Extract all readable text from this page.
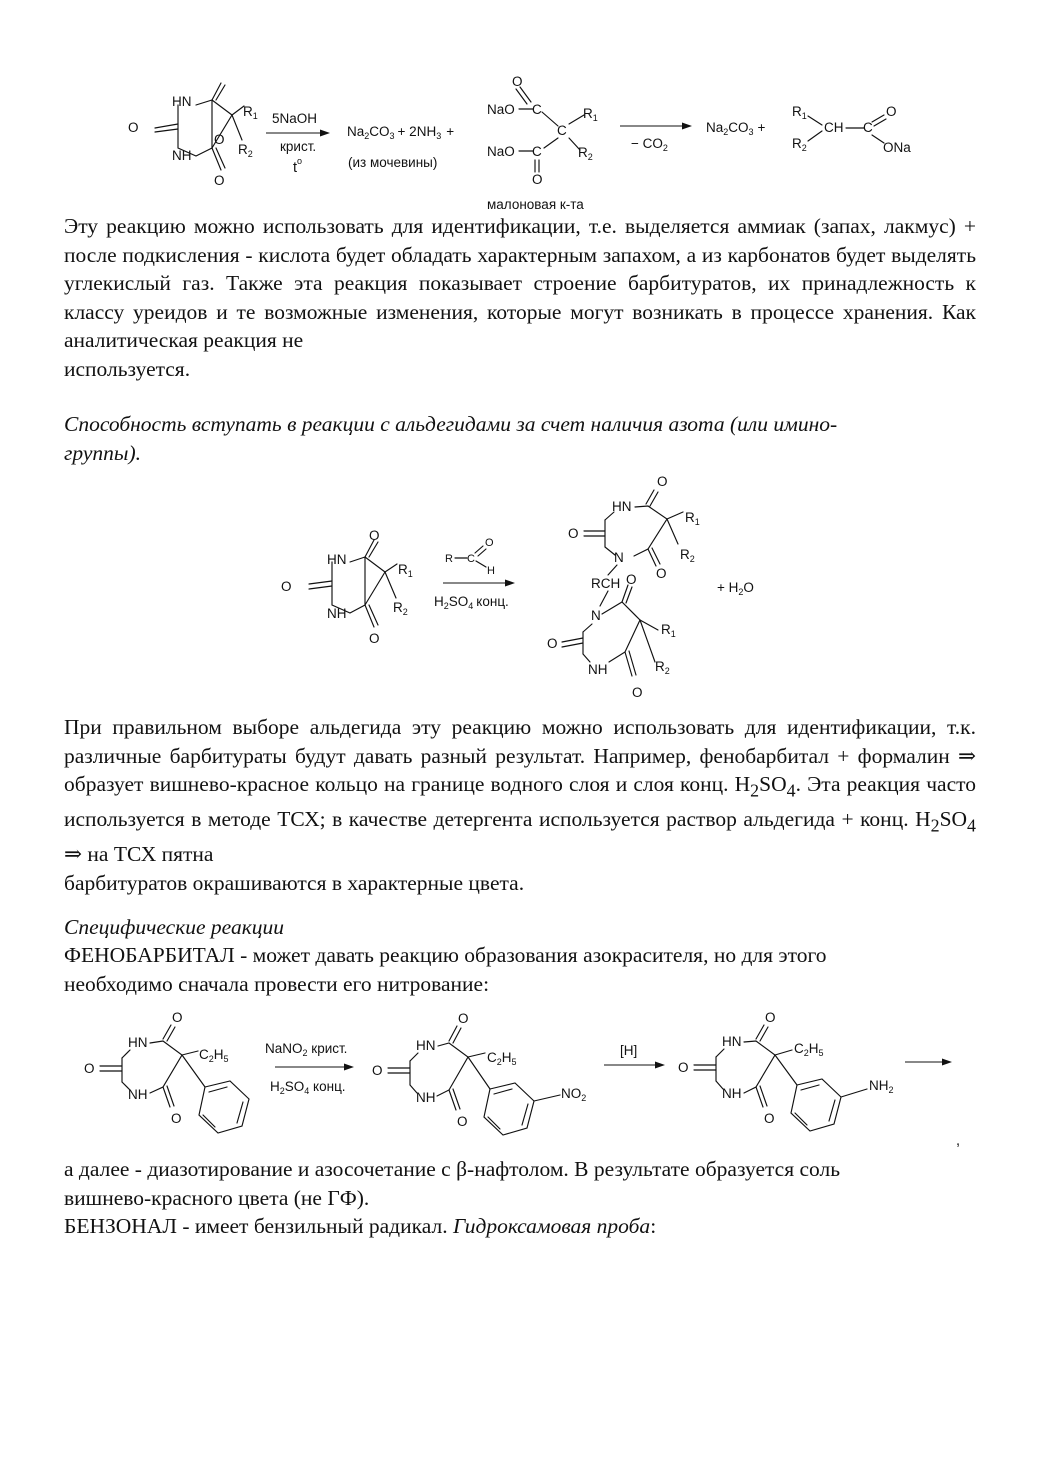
HN
NH
O
O
O
$R_1$
$R_2$
5NaOH
крист.
$t^o$
$Na_2CO_3 + 2NH_3$ +
(из мочевины)
O
NaO C
C
$R_1$
$R_2$
NaO C
O
малоновая к-та
− $CO_2$
$Na_2CO_3$ +
$R_1$
$R_2$
CH C
O
ONa

Эту реакцию можно использовать для идентификации, т.е. выделяется аммиак (запах, лакмус) + после подкисления - кислота будет обладать характерным запахом, а из карбонатов будет выделять углекислый газ. Также эта реакция показывает строение барбитуратов, их принадлежность к классу уреидов и те возможные изменения, которые могут возникать в процессе хранения. Как аналитическая реакция не
используется.

Способность вступать в реакции с альдегидами за счет наличия азота (или имино-
группы).

O
HN
NH
O
O
$R_1$
$R_2$
R C
O
H
$H_2SO_4$ конц.
O
HN
O
N
O
$R_1$
$R_2$
RCH
N
O
O
NH
O
$R_1$
$R_2$
+ $H_2O$

При правильном выборе альдегида эту реакцию можно использовать для идентификации, т.к. различные барбитураты будут давать разный результат. Например, фенобарбитал + формалин ⇒ образует вишнево-красное кольцо на границе водного слоя и слоя конц. $H_2SO_4$. Эта реакция часто используется в методе ТСХ; в качестве детергента используется раствор альдегида + конц. $H_2SO_4$ ⇒ на ТСХ пятна
барбитуратов окрашиваются в характерные цвета.

Специфические реакции

ФЕНОБАРБИТАЛ - может давать реакцию образования азокрасителя, но для этого
необходимо сначала провести его нитрование:

O
HN
O
NH
O
$C_2H_5$
NaNO$_2$ крист.
$H_2SO_4$ конц.
O
HN
O
NH
O
$C_2H_5$
$NO_2$
[H]
O
HN
O
NH
O
$C_2H_5$
$NH_2$
,

а далее - диазотирование и азосочетание с β-нафтолом. В результате образуется соль
вишнево-красного цвета (не ГФ).

БЕНЗОНАЛ - имеет бензильный радикал. Гидроксамовая проба:
